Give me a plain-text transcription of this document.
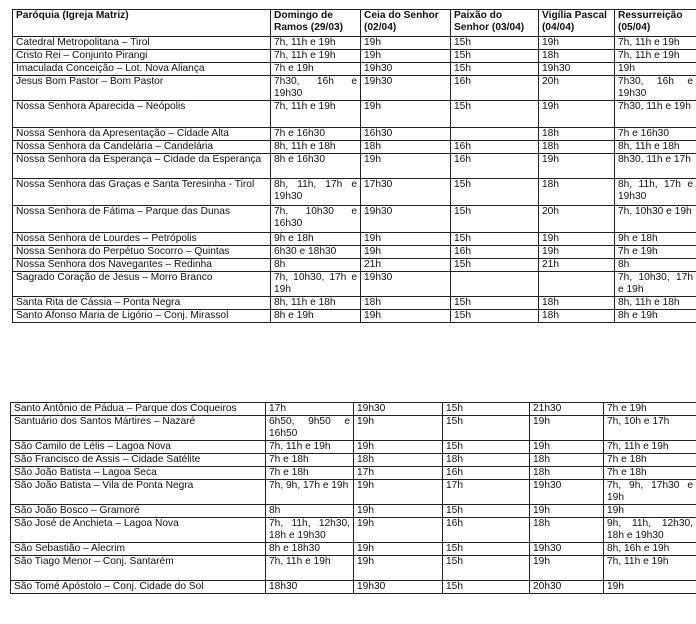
Paróquia (Igreja Matriz)	Domingo de Ramos (29/03)	Ceia do Senhor (02/04)	Paixão do Senhor (03/04)	Vigília Pascal (04/04)	Ressurreição (05/04)
Catedral Metropolitana – Tirol	7h, 11h e 19h	19h	15h	19h	7h, 11h e 19h
Cristo Rei – Conjunto Pirangi	7h, 11h e 19h	19h	15h	18h	7h, 11h e 19h
Imaculada Conceição – Lot. Nova Aliança	7h e 19h	19h30	15h	19h30	19h
Jesus Bom Pastor – Bom Pastor	7h30, 16h e 19h30	19h30	16h	20h	7h30, 16h e 19h30
Nossa Senhora Aparecida – Neópolis	7h, 11h e 19h	19h	15h	19h	7h30, 11h e 19h
Nossa Senhora da Apresentação – Cidade Alta	7h e 16h30	16h30		18h	7h e 16h30
Nossa Senhora da Candelária – Candelária	8h, 11h e 18h	18h	16h	18h	8h, 11h e 18h
Nossa Senhora da Esperança – Cidade da Esperança	8h e 16h30	19h	16h	19h	8h30, 11h e 17h
Nossa Senhora das Graças e Santa Teresinha - Tirol	8h, 11h, 17h e 19h30	17h30	15h	18h	8h, 11h, 17h e 19h30
Nossa Senhora de Fátima – Parque das Dunas	7h, 10h30 e 16h30	19h30	15h	20h	7h, 10h30 e 19h
Nossa Senhora de Lourdes – Petrópolis	9h e 18h	19h	15h	19h	9h e 18h
Nossa Senhora do Perpétuo Socorro – Quintas	6h30 e 18h30	19h	16h	19h	7h e 19h
Nossa Senhora dos Navegantes – Redinha	8h	21h	15h	21h	8h
Sagrado Coração de Jesus – Morro Branco	7h, 10h30, 17h e 19h	19h30			7h, 10h30, 17h e 19h
Santa Rita de Cássia – Ponta Negra	8h, 11h e 18h	18h	15h	18h	8h, 11h e 18h
Santo Afonso Maria de Ligório – Conj. Mirassol	8h e 19h	19h	15h	18h	8h e 19h
Santo Antônio de Pádua – Parque dos Coqueiros	17h	19h30	15h	21h30	7h e 19h
Santuário dos Santos Mártires – Nazaré	6h50, 9h50 e 16h50	19h	15h	19h	7h, 10h e 17h
São Camilo de Lélis – Lagoa Nova	7h, 11h e 19h	19h	15h	19h	7h, 11h e 19h
São Francisco de Assis – Cidade Satélite	7h e 18h	18h	18h	18h	7h e 18h
São João Batista – Lagoa Seca	7h e 18h	17h	16h	18h	7h e 18h
São João Batista – Vila de Ponta Negra	7h, 9h, 17h e 19h	19h	17h	19h30	7h, 9h, 17h30 e 19h
São João Bosco – Gramoré	8h	19h	15h	19h	19h
São José de Anchieta – Lagoa Nova	7h, 11h, 12h30, 18h e 19h30	19h	16h	18h	9h, 11h, 12h30, 18h e 19h30
São Sebastião – Alecrim	8h e 18h30	19h	15h	19h30	8h, 16h e 19h
São Tiago Menor – Conj. Santarém	7h, 11h e 19h	19h	15h	19h	7h, 11h e 19h
São Tomé Apóstolo – Conj. Cidade do Sol	18h30	19h30	15h	20h30	19h
